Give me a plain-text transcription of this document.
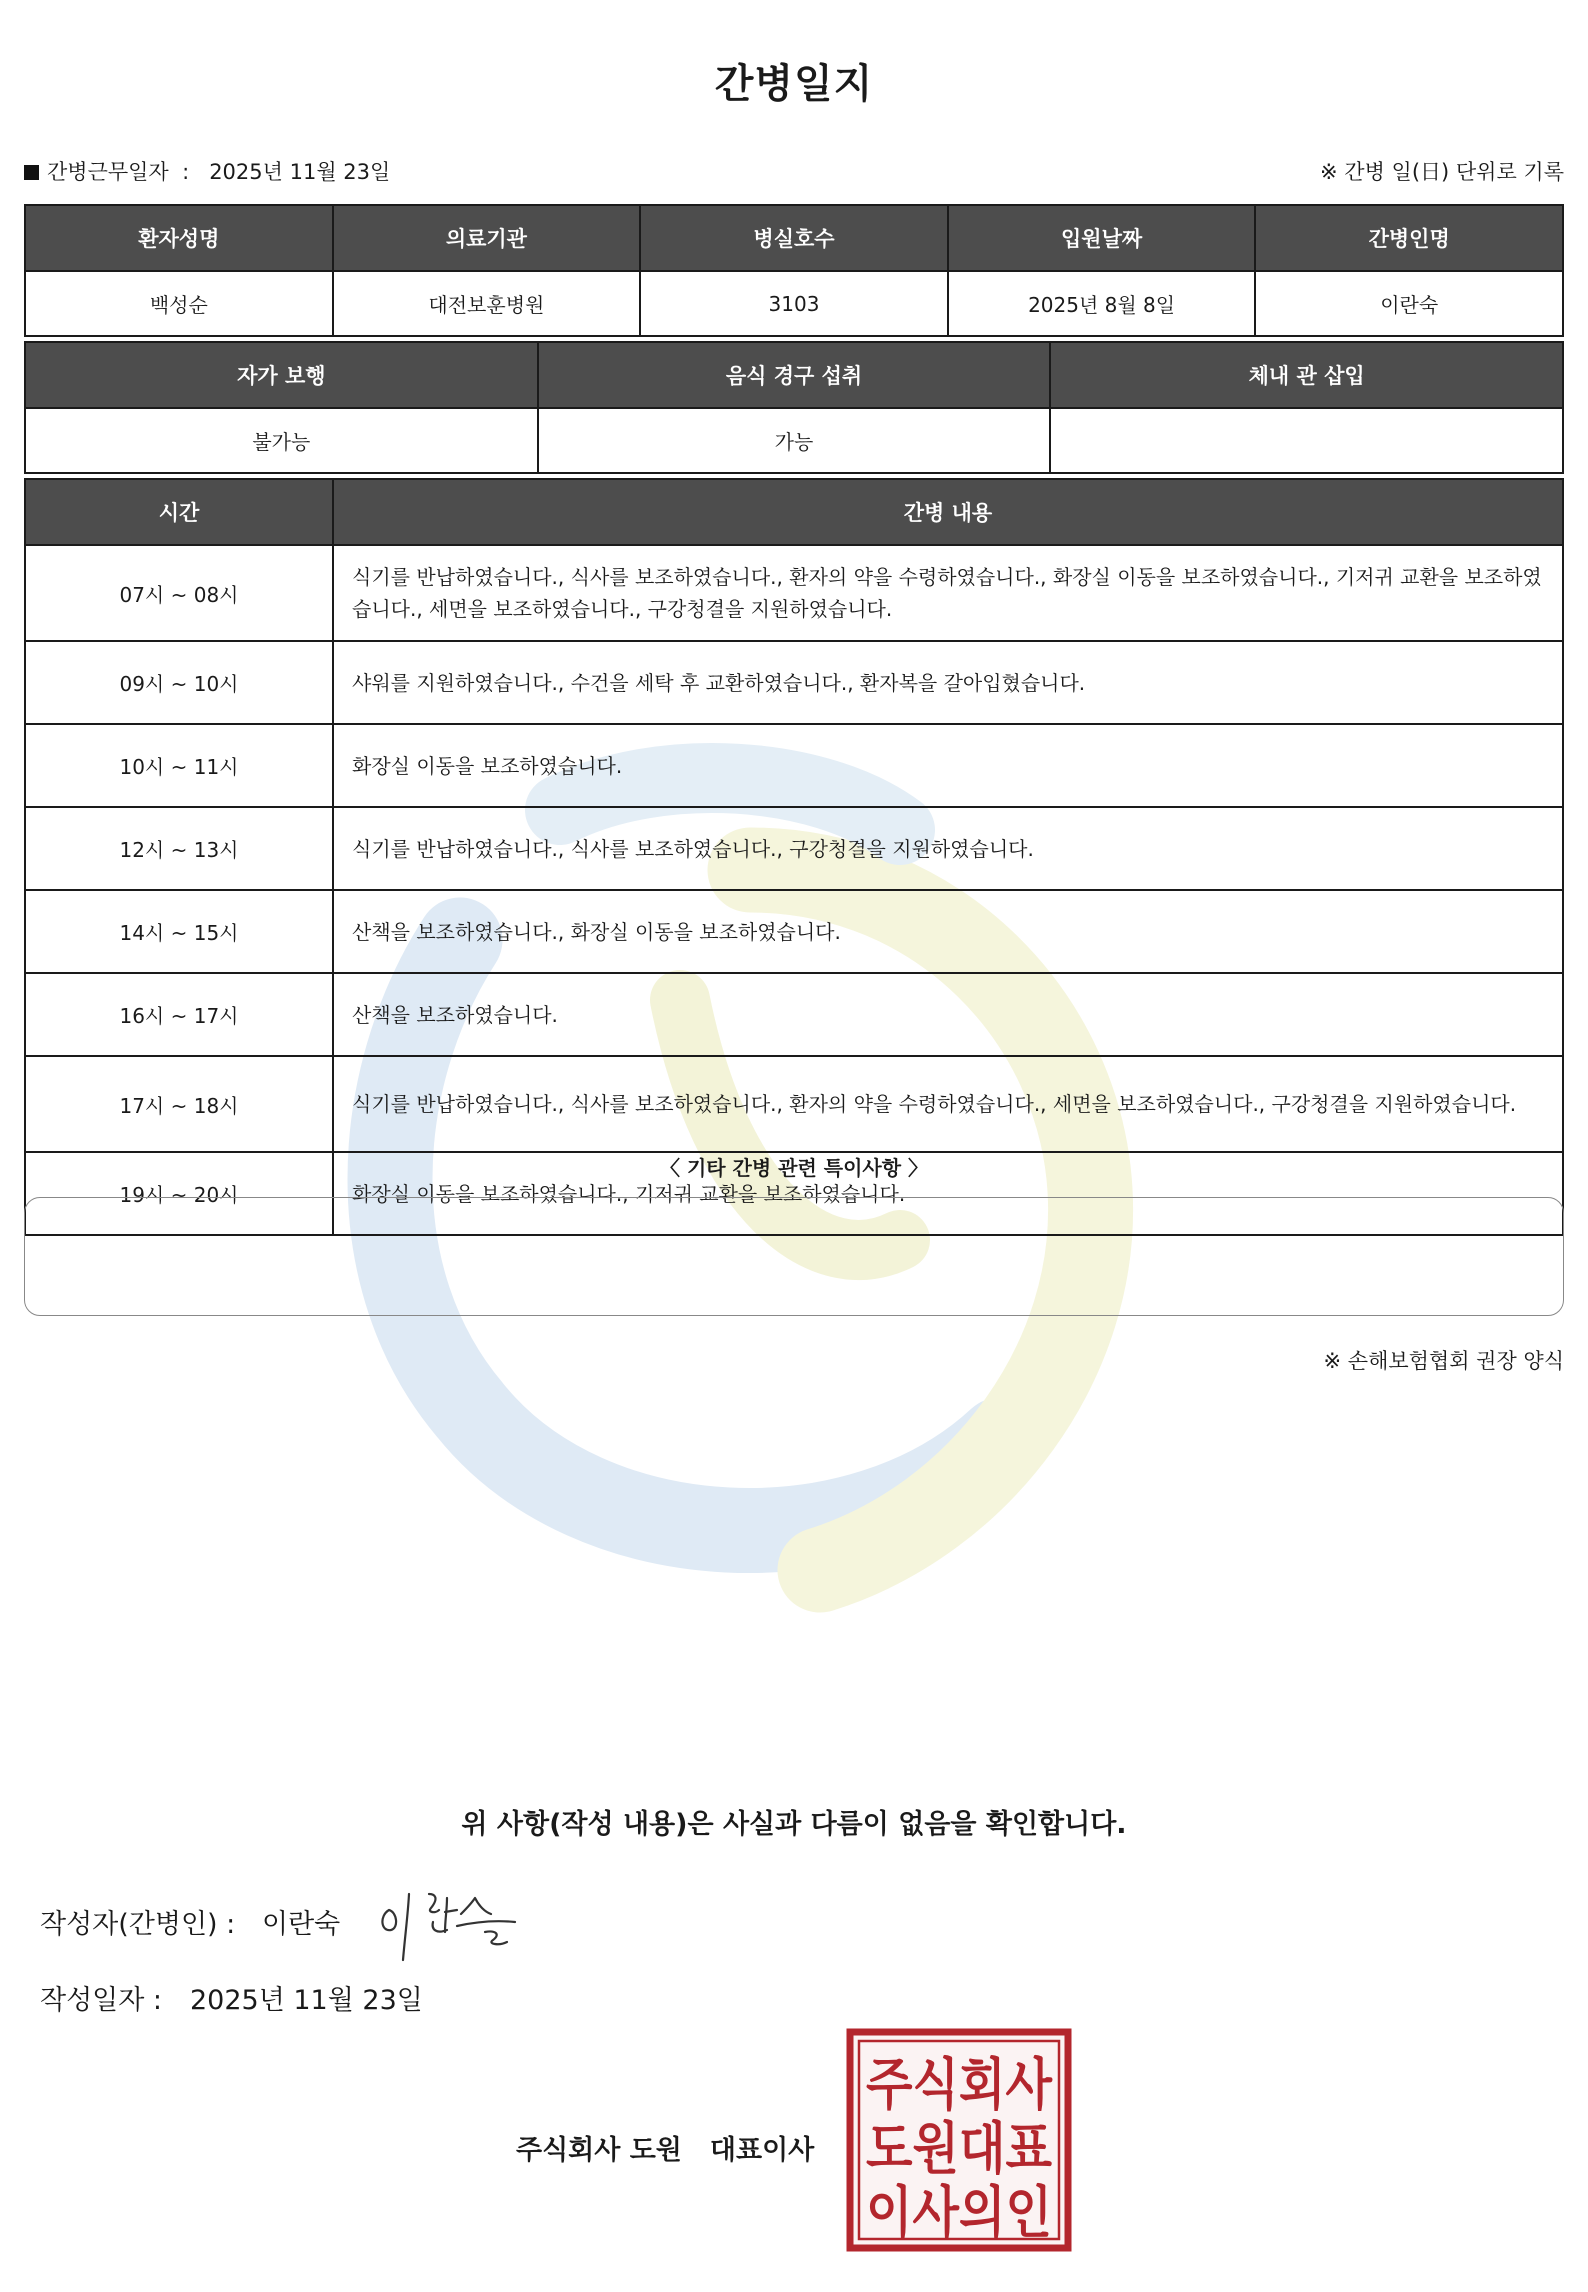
간병일지
간병근무일자 : 2025년 11월 23일	※ 간병 일(日) 단위로 기록
환자성명	의료기관	병실호수	입원날짜	간병인명
백성순	대전보훈병원	3103	2025년 8월 8일	이란숙
자가 보행	음식 경구 섭취	체내 관 삽입
불가능	가능	
시간	간병 내용
07시 ~ 08시	식기를 반납하였습니다., 식사를 보조하였습니다., 환자의 약을 수령하였습니다., 화장실 이동을 보조하였습니다., 기저귀 교환을 보조하였습니다., 세면을 보조하였습니다., 구강청결을 지원하였습니다.
09시 ~ 10시	샤워를 지원하였습니다., 수건을 세탁 후 교환하였습니다., 환자복을 갈아입혔습니다.
10시 ~ 11시	화장실 이동을 보조하였습니다.
12시 ~ 13시	식기를 반납하였습니다., 식사를 보조하였습니다., 구강청결을 지원하였습니다.
14시 ~ 15시	산책을 보조하였습니다., 화장실 이동을 보조하였습니다.
16시 ~ 17시	산책을 보조하였습니다.
17시 ~ 18시	식기를 반납하였습니다., 식사를 보조하였습니다., 환자의 약을 수령하였습니다., 세면을 보조하였습니다., 구강청결을 지원하였습니다.
19시 ~ 20시	화장실 이동을 보조하였습니다., 기저귀 교환을 보조하였습니다.
〈 기타 간병 관련 특이사항 〉
※ 손해보험협회 권장 양식
위 사항(작성 내용)은 사실과 다름이 없음을 확인합니다.
작성자(간병인) : 이란숙
작성일자 : 2025년 11월 23일
주식회사 도원 대표이사
주식회사
도원대표
이사의인
